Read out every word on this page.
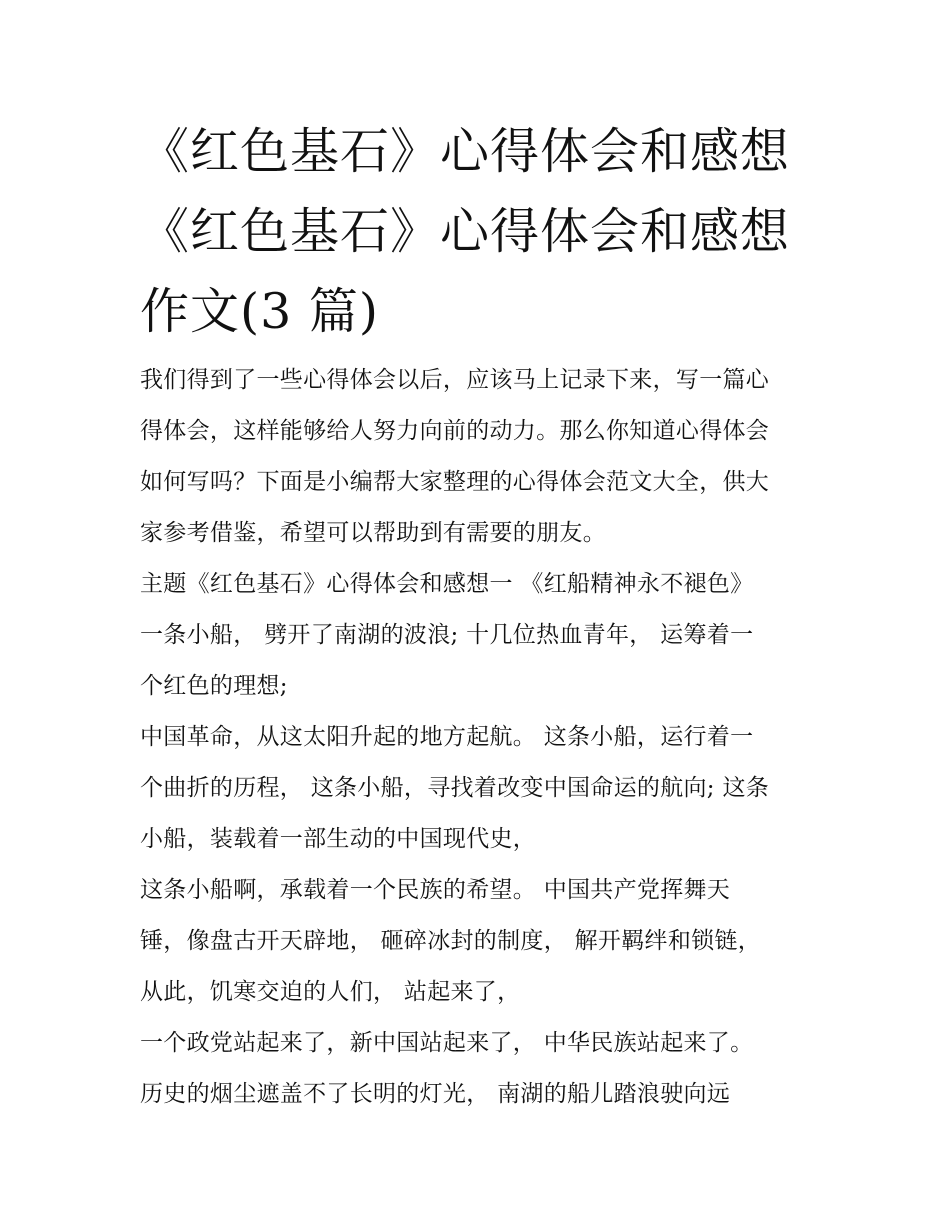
《红色基石》心得体会和感想
《红色基石》心得体会和感想
作文(3 篇)
我们得到了一些心得体会以后，应该马上记录下来，写一篇心
得体会，这样能够给人努力向前的动力。那么你知道心得体会
如何写吗？下面是小编帮大家整理的心得体会范文大全，供大
家参考借鉴，希望可以帮助到有需要的朋友。
主题《红色基石》心得体会和感想一 《红船精神永不褪色》
一条小船， 劈开了南湖的波浪; 十几位热血青年， 运筹着一
个红色的理想;
中国革命，从这太阳升起的地方起航。 这条小船，运行着一
个曲折的历程， 这条小船，寻找着改变中国命运的航向; 这条
小船，装载着一部生动的中国现代史，
这条小船啊，承载着一个民族的希望。 中国共产党挥舞天
锤，像盘古开天辟地， 砸碎冰封的制度， 解开羁绊和锁链，
从此，饥寒交迫的人们， 站起来了，
一个政党站起来了，新中国站起来了， 中华民族站起来了。
历史的烟尘遮盖不了长明的灯光， 南湖的船儿踏浪驶向远
